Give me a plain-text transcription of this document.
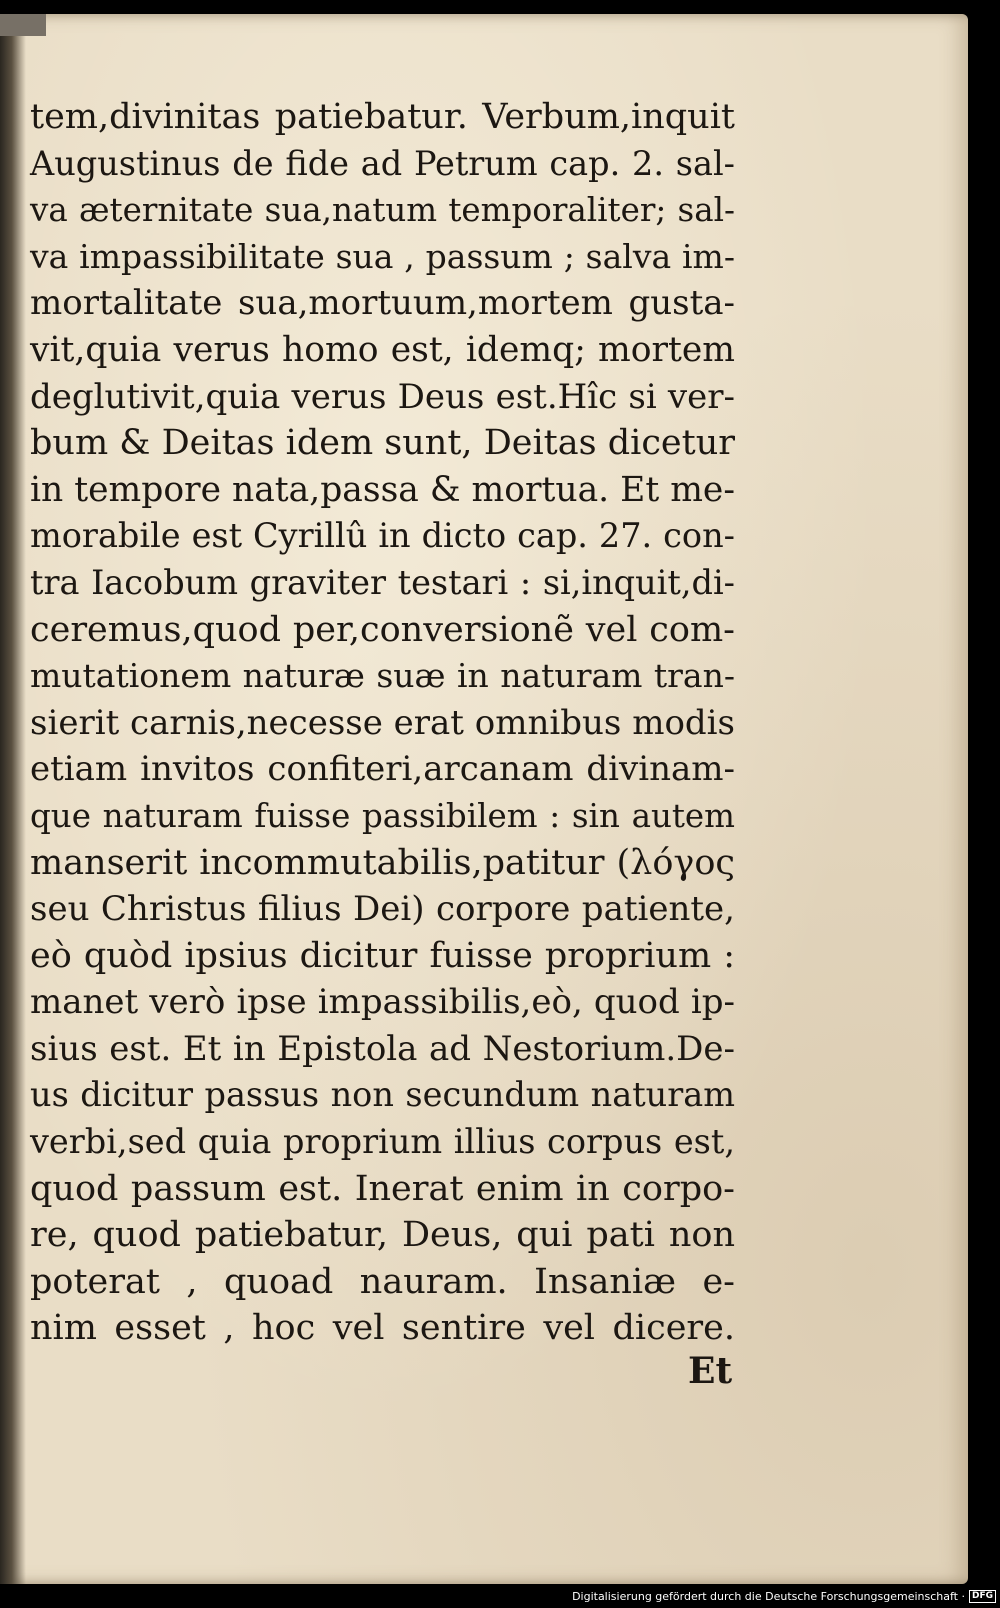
tem,divinitas patiebatur. Verbum,inquit
Augustinus de fide ad Petrum cap. 2. sal-
va æternitate sua,natum temporaliter; sal-
va impassibilitate sua , passum ; salva im-
mortalitate sua,mortuum,mortem gusta-
vit,quia verus homo est, idemq; mortem
deglutivit,quia verus Deus est.Hîc si ver-
bum & Deitas idem sunt, Deitas dicetur
in tempore nata,passa & mortua. Et me-
morabile est Cyrillû in dicto cap. 27. con-
tra Iacobum graviter testari : si,inquit,di-
ceremus,quod per,conversionẽ vel com-
mutationem naturæ suæ in naturam tran-
sierit carnis,necesse erat omnibus modis
etiam invitos confiteri,arcanam divinam-
que naturam fuisse passibilem : sin autem
manserit incommutabilis,patitur (λόγος
seu Christus filius Dei) corpore patiente,
eò quòd ipsius dicitur fuisse proprium :
manet verò ipse impassibilis,eò, quod ip-
sius est. Et in Epistola ad Nestorium.De-
us dicitur passus non secundum naturam
verbi,sed quia proprium illius corpus est,
quod passum est. Inerat enim in corpo-
re, quod patiebatur, Deus, qui pati non
poterat , quoad nauram. Insaniæ e-
nim esset , hoc vel sentire vel dicere.
Et
Digitalisierung gefördert durch die Deutsche Forschungsgemeinschaft · DFG
